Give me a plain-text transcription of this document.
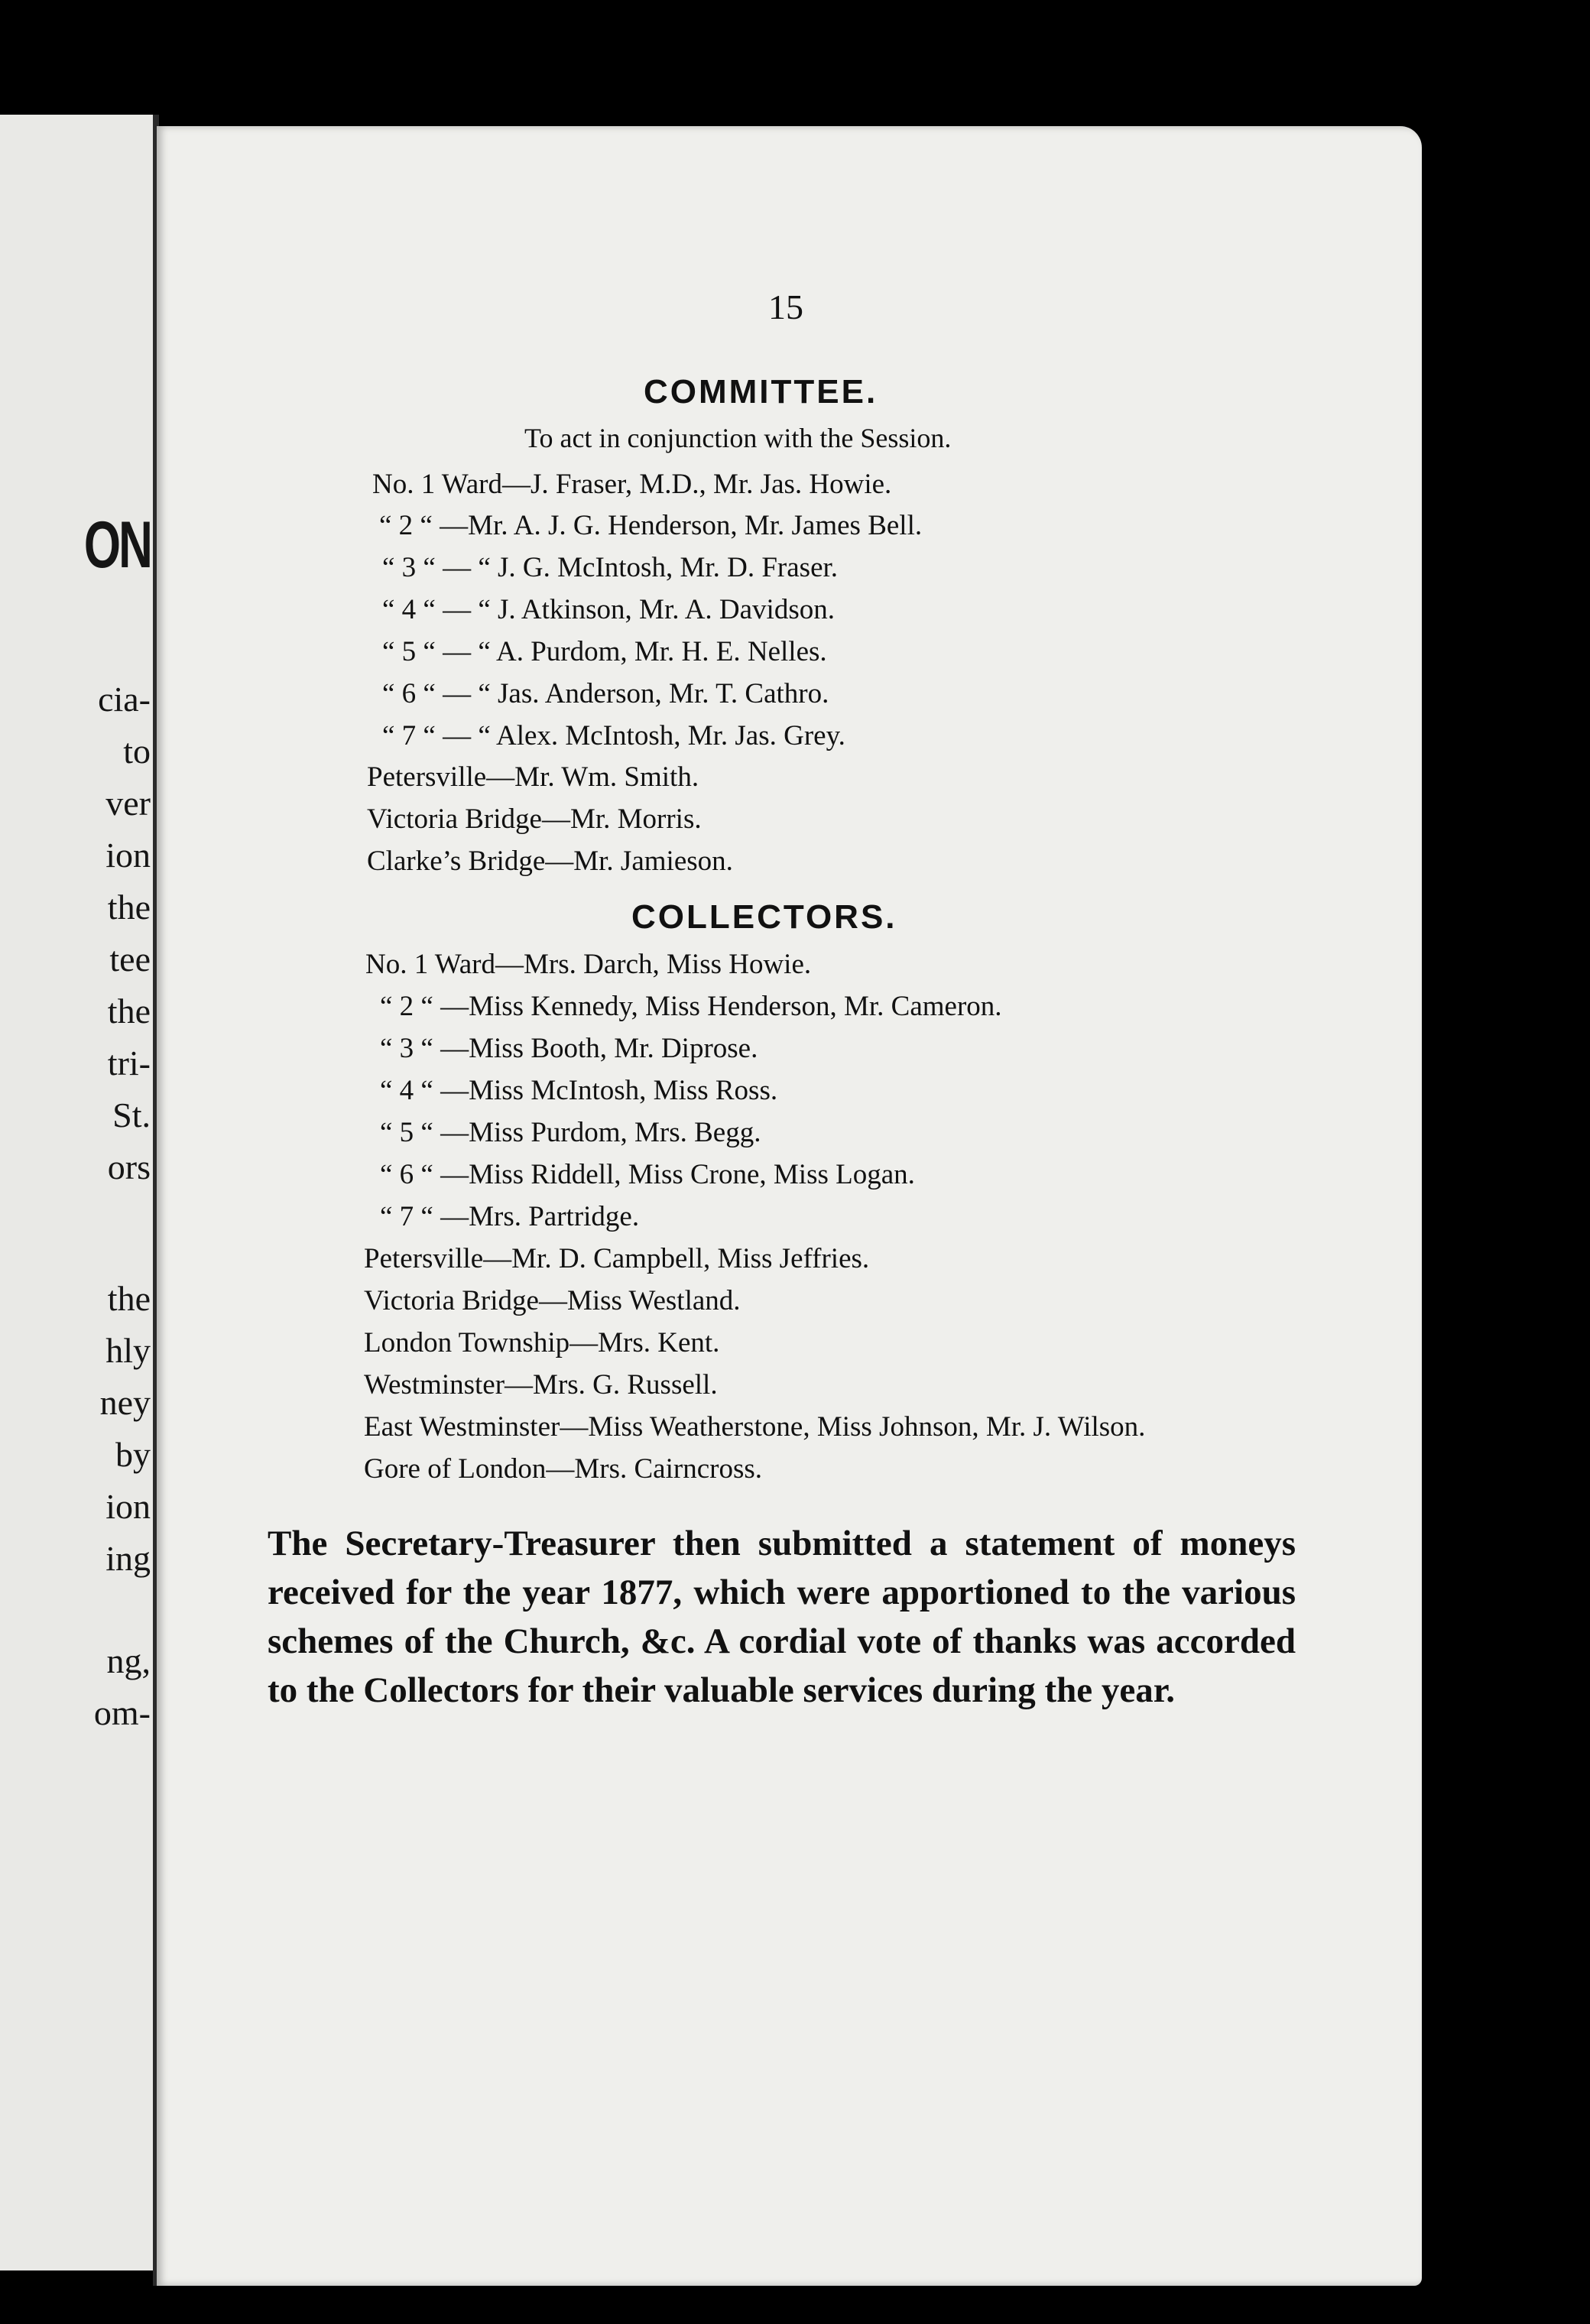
ON
cia-
to
ver
ion
the
tee
the
tri-
St.
ors
the
hly
ney
by
ion
ing
ng,
om-
15
COMMITTEE.
To act in conjunction with the Session.
No. 1 Ward—J. Fraser, M.D., Mr. Jas. Howie.
“ 2 “ —Mr. A. J. G. Henderson, Mr. James Bell.
“ 3 “ — “ J. G. McIntosh, Mr. D. Fraser.
“ 4 “ — “ J. Atkinson, Mr. A. Davidson.
“ 5 “ — “ A. Purdom, Mr. H. E. Nelles.
“ 6 “ — “ Jas. Anderson, Mr. T. Cathro.
“ 7 “ — “ Alex. McIntosh, Mr. Jas. Grey.
Petersville—Mr. Wm. Smith.
Victoria Bridge—Mr. Morris.
Clarke’s Bridge—Mr. Jamieson.
COLLECTORS.
No. 1 Ward—Mrs. Darch, Miss Howie.
“ 2 “ —Miss Kennedy, Miss Henderson, Mr. Cameron.
“ 3 “ —Miss Booth, Mr. Diprose.
“ 4 “ —Miss McIntosh, Miss Ross.
“ 5 “ —Miss Purdom, Mrs. Begg.
“ 6 “ —Miss Riddell, Miss Crone, Miss Logan.
“ 7 “ —Mrs. Partridge.
Petersville—Mr. D. Campbell, Miss Jeffries.
Victoria Bridge—Miss Westland.
London Township—Mrs. Kent.
Westminster—Mrs. G. Russell.
East Westminster—Miss Weatherstone, Miss Johnson, Mr. J. Wilson.
Gore of London—Mrs. Cairncross.

The Secretary-Treasurer then submitted a statement of moneys received for the year 1877, which were apportioned to the various schemes of the Church, &c. A cordial vote of thanks was accorded to the Collectors for their valuable services during the year.
